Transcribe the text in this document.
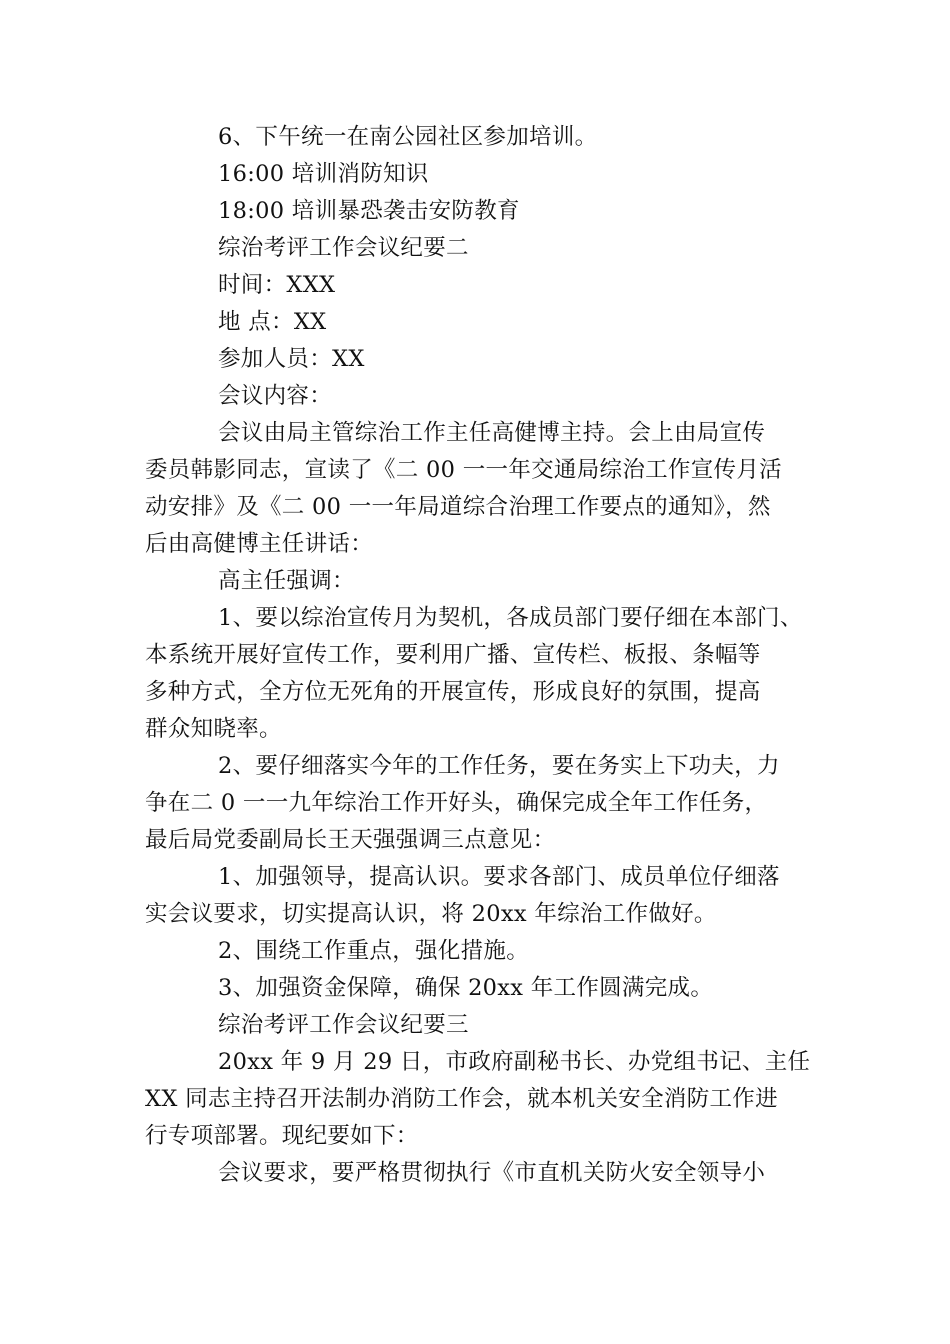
6、下午统一在南公园社区参加培训。
16:00 培训消防知识
18:00 培训暴恐袭击安防教育
综治考评工作会议纪要二
时间：XXX
地 点：XX
参加人员：XX
会议内容：
会议由局主管综治工作主任高健博主持。会上由局宣传
委员韩影同志，宣读了《二 00 一一年交通局综治工作宣传月活
动安排》及《二 00 一一年局道综合治理工作要点的通知》，然
后由高健博主任讲话：
高主任强调：
1、要以综治宣传月为契机，各成员部门要仔细在本部门、
本系统开展好宣传工作，要利用广播、宣传栏、板报、条幅等
多种方式，全方位无死角的开展宣传，形成良好的氛围，提高
群众知晓率。
2、要仔细落实今年的工作任务，要在务实上下功夫，力
争在二 0 一一九年综治工作开好头，确保完成全年工作任务，
最后局党委副局长王天强强调三点意见：
1、加强领导，提高认识。要求各部门、成员单位仔细落
实会议要求，切实提高认识，将 20xx 年综治工作做好。
2、围绕工作重点，强化措施。
3、加强资金保障，确保 20xx 年工作圆满完成。
综治考评工作会议纪要三
20xx 年 9 月 29 日，市政府副秘书长、办党组书记、主任
XX 同志主持召开法制办消防工作会，就本机关安全消防工作进
行专项部署。现纪要如下：
会议要求，要严格贯彻执行《市直机关防火安全领导小
